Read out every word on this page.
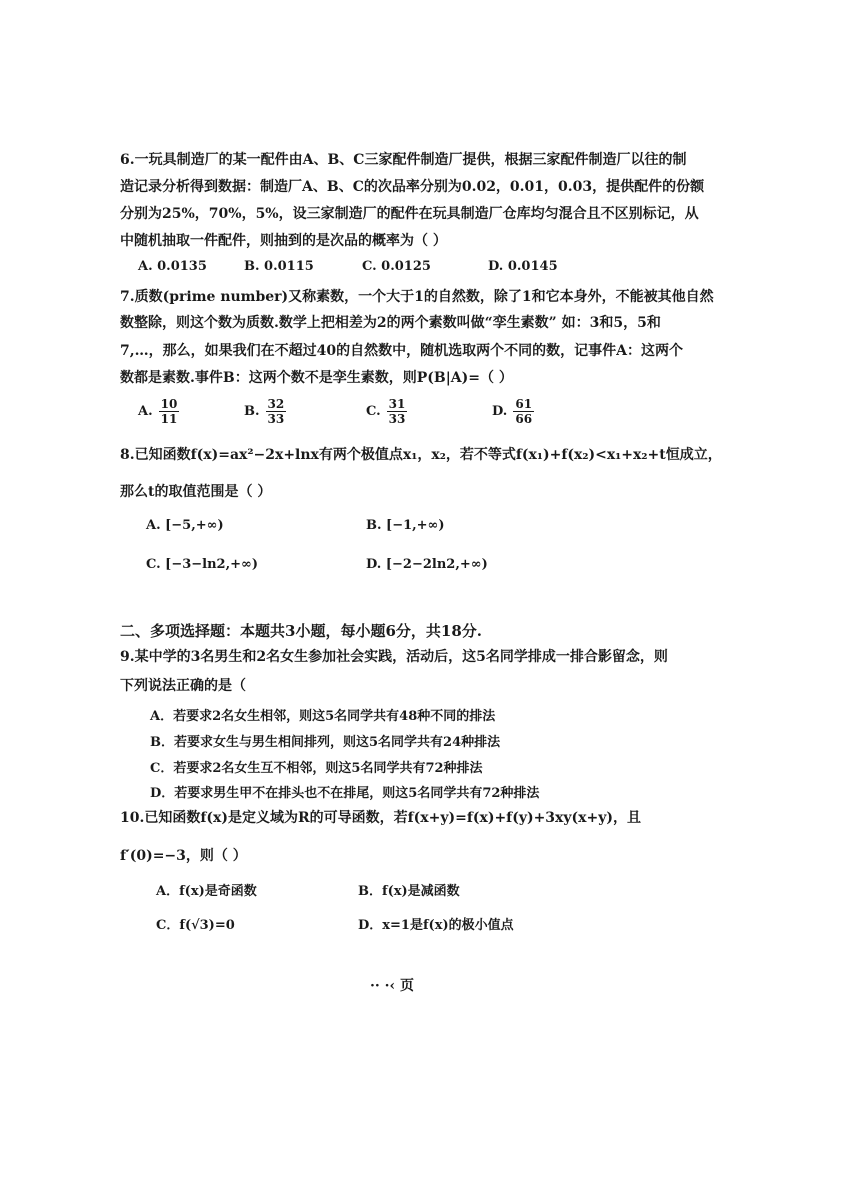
6.一玩具制造厂的某一配件由A、B、C三家配件制造厂提供，根据三家配件制造厂以往的制
造记录分析得到数据：制造厂A、B、C的次品率分别为0.02，0.01，0.03，提供配件的份额
分别为25%，70%，5%，设三家制造厂的配件在玩具制造厂仓库均匀混合且不区别标记，从
中随机抽取一件配件，则抽到的是次品的概率为（ ）
A. 0.0135	B. 0.0115	C. 0.0125	D. 0.0145
7.质数(prime number)又称素数，一个大于1的自然数，除了1和它本身外，不能被其他自然
数整除，则这个数为质数.数学上把相差为2的两个素数叫做“孪生素数” 如：3和5，5和
7,…，那么，如果我们在不超过40的自然数中，随机选取两个不同的数，记事件A：这两个
数都是素数.事件B：这两个数不是孪生素数，则P(B|A)=（ ）
A. $\frac{10}{11}$	B. $\frac{32}{33}$	C. $\frac{31}{33}$	D. $\frac{61}{66}$
8.已知函数f(x)=ax²−2x+lnx有两个极值点x₁，x₂，若不等式f(x₁)+f(x₂)<x₁+x₂+t恒成立，
那么t的取值范围是（ ）
A. [−5,+∞)	B. [−1,+∞)
C. [−3−ln2,+∞)	D. [−2−2ln2,+∞)
二、多项选择题：本题共3小题，每小题6分，共18分.
9.某中学的3名男生和2名女生参加社会实践，活动后，这5名同学排成一排合影留念，则
下列说法正确的是（
A．若要求2名女生相邻，则这5名同学共有48种不同的排法
B．若要求女生与男生相间排列，则这5名同学共有24种排法
C．若要求2名女生互不相邻，则这5名同学共有72种排法
D．若要求男生甲不在排头也不在排尾，则这5名同学共有72种排法
10.已知函数f(x)是定义域为R的可导函数，若f(x+y)=f(x)+f(y)+3xy(x+y)，且
f′(0)=−3，则（ ）
A．f(x)是奇函数	B．f(x)是减函数
C．f(√3)=0	D．x=1是f(x)的极小值点
·· ·‹ 页
